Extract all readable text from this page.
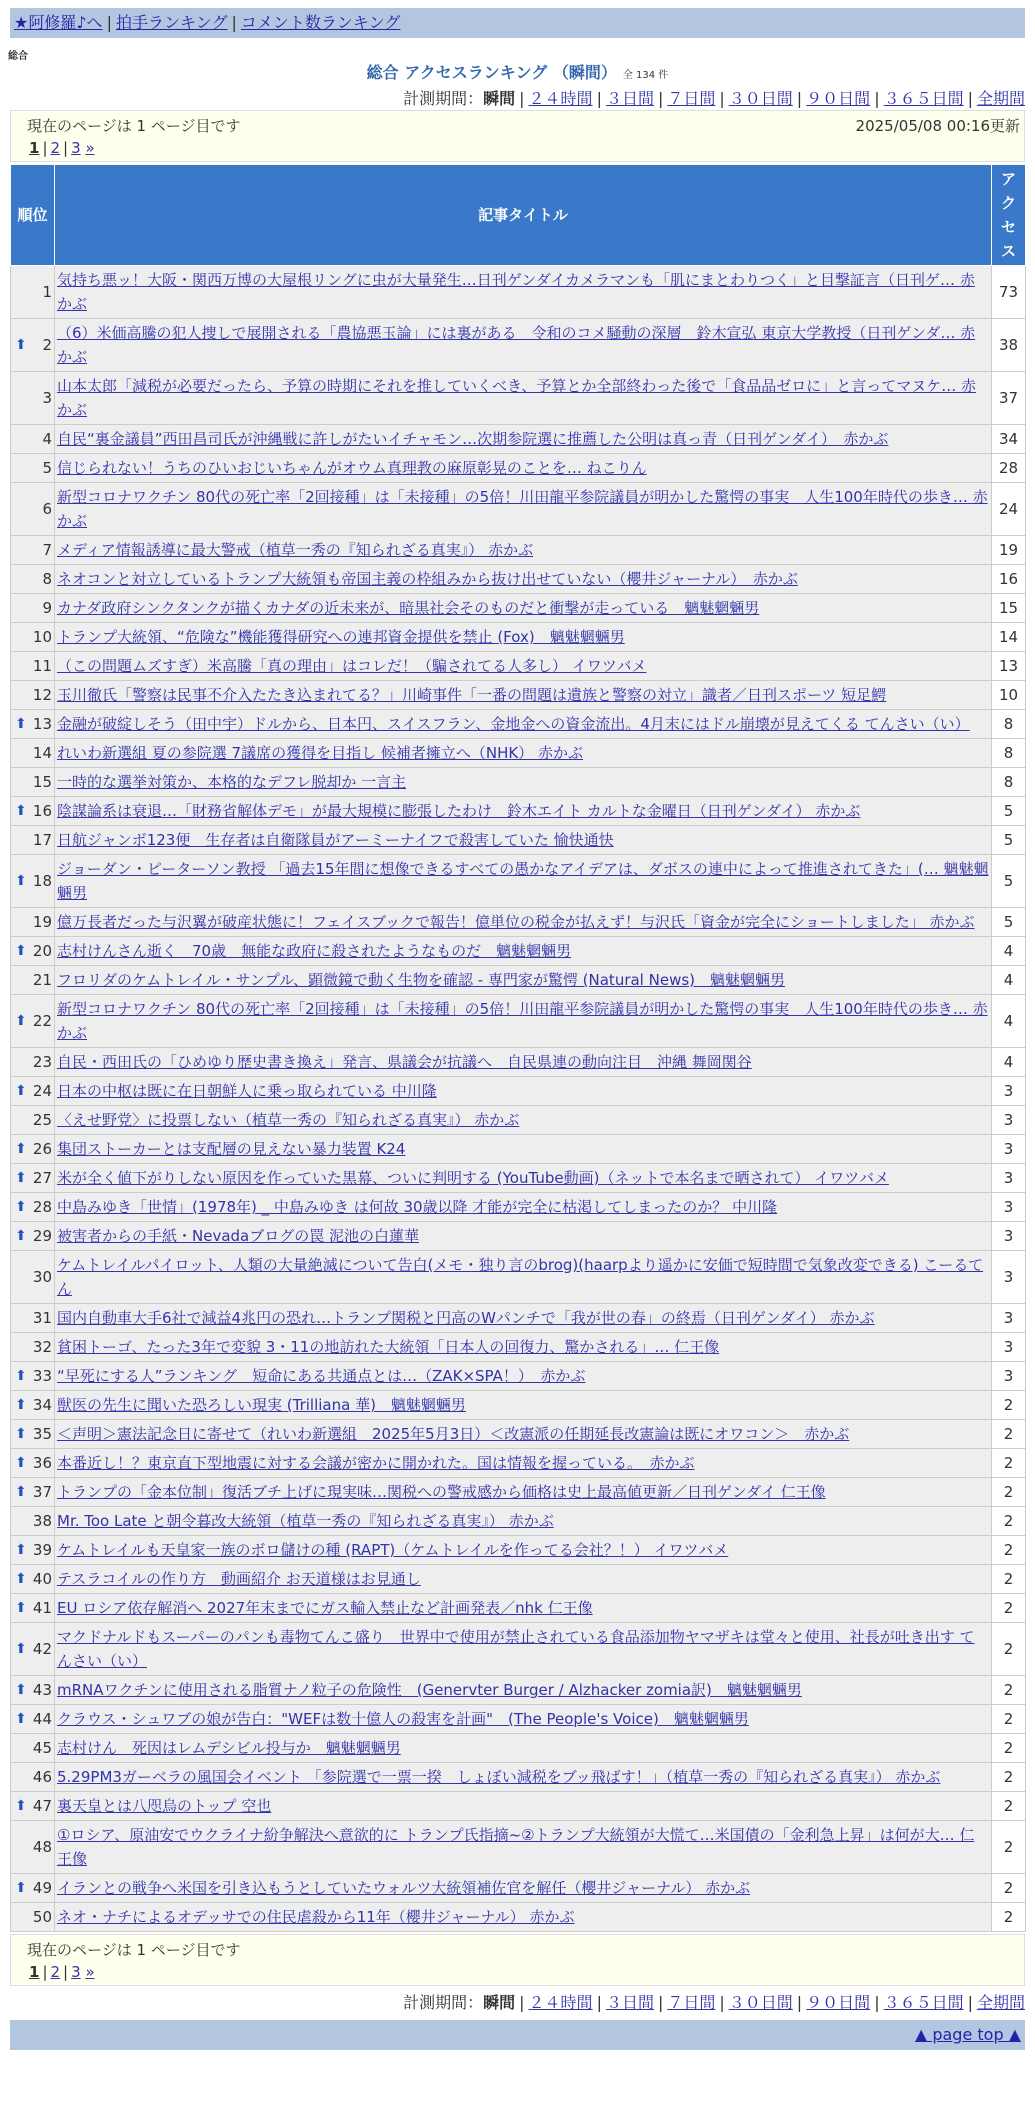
★阿修羅♪へ | 拍手ランキング | コメント数ランキング
総合
総合 アクセスランキング （瞬間） 全 134 件
計測期間：瞬間 | ２４時間 | ３日間 | ７日間 | ３０日間 | ９０日間 | ３６５日間 | 全期間
現在のページは 1 ページ目です	2025/05/08 00:16更新
1 | 2 | 3 »
順位	記事タイトル	アクセス
1	気持ち悪ッ！大阪・関西万博の大屋根リングに虫が大量発生…日刊ゲンダイカメラマンも「肌にまとわりつく」と目撃証言（日刊ゲ… 赤かぶ	73

⬆ 2	（6）米価高騰の犯人捜しで展開される「農協悪玉論」には裏がある　令和のコメ騒動の深層　鈴木宣弘 東京大学教授（日刊ゲンダ… 赤かぶ	38
3	山本太郎「減税が必要だったら、予算の時期にそれを推していくべき、予算とか全部終わった後で「食品品ゼロに」と言ってマヌケ… 赤かぶ	37
4	自民“裏金議員”西田昌司氏が沖縄戦に許しがたいイチャモン…次期参院選に推薦した公明は真っ青（日刊ゲンダイ）　赤かぶ	34
5	信じられない！うちのひいおじいちゃんがオウム真理教の麻原彰晃のことを… ねこりん	28
6	新型コロナワクチン 80代の死亡率「2回接種」は「未接種」の5倍！川田龍平参院議員が明かした驚愕の事実　人生100年時代の歩き… 赤かぶ	24
7	メディア情報誘導に最大警戒（植草一秀の『知られざる真実』） 赤かぶ	19
8	ネオコンと対立しているトランプ大統領も帝国主義の枠組みから抜け出せていない（櫻井ジャーナル）　赤かぶ	16
9	カナダ政府シンクタンクが描くカナダの近未来が、暗黒社会そのものだと衝撃が走っている　魑魅魍魎男	15
10	トランプ大統領、“危険な”機能獲得研究への連邦資金提供を禁止 (Fox)　魑魅魍魎男	14
11	（この問題ムズすぎ）米高騰「真の理由」はコレだ！（騙されてる人多し） イワツバメ	13
12	玉川徹氏「警察は民事不介入たたき込まれてる？」川崎事件「一番の問題は遺族と警察の対立」識者／日刊スポーツ 短足鰐	10

⬆ 13	金融が破綻しそう（田中宇）ドルから、日本円、スイスフラン、金地金への資金流出。4月末にはドル崩壊が見えてくる てんさい（い）	8
14	れいわ新選組 夏の参院選 7議席の獲得を目指し 候補者擁立へ（NHK） 赤かぶ	8
15	一時的な選挙対策か、本格的なデフレ脱却か 一言主	8

⬆ 16	陰謀論系は衰退…「財務省解体デモ」が最大規模に膨張したわけ　鈴木エイト カルトな金曜日（日刊ゲンダイ） 赤かぶ	5
17	日航ジャンボ123便　生存者は自衛隊員がアーミーナイフで殺害していた 愉快通快	5

⬆ 18	ジョーダン・ピーターソン教授 「過去15年間に想像できるすべての愚かなアイデアは、ダボスの連中によって推進されてきた」(… 魑魅魍魎男	5
19	億万長者だった与沢翼が破産状態に！フェイスブックで報告！億単位の税金が払えず！与沢氏「資金が完全にショートしました」 赤かぶ	5

⬆ 20	志村けんさん逝く　70歳　無能な政府に殺されたようなものだ　魑魅魍魎男	4
21	フロリダのケムトレイル・サンプル、顕微鏡で動く生物を確認 - 専門家が驚愕 (Natural News)　魑魅魍魎男	4

⬆ 22	新型コロナワクチン 80代の死亡率「2回接種」は「未接種」の5倍！川田龍平参院議員が明かした驚愕の事実　人生100年時代の歩き… 赤かぶ	4
23	自民・西田氏の「ひめゆり歴史書き換え」発言、県議会が抗議へ　自民県連の動向注目　沖縄 舞岡関谷	4

⬆ 24	日本の中枢は既に在日朝鮮人に乗っ取られている 中川隆	3
25	〈えせ野党〉に投票しない（植草一秀の『知られざる真実』） 赤かぶ	3

⬆ 26	集団ストーカーとは支配層の見えない暴力装置 K24	3

⬆ 27	米が全く値下がりしない原因を作っていた黒幕、ついに判明する (YouTube動画)（ネットで本名まで晒されて） イワツバメ	3

⬆ 28	中島みゆき「世情」(1978年) _ 中島みゆき は何故 30歳以降 才能が完全に枯渇してしまったのか？ 中川隆	3

⬆ 29	被害者からの手紙・Nevadaブログの罠 泥池の白蓮華	3
30	ケムトレイルパイロット、人類の大量絶滅について告白(メモ・独り言のbrog)(haarpより遥かに安価で短時間で気象改変できる) こーるてん	3
31	国内自動車大手6社で減益4兆円の恐れ…トランプ関税と円高のWパンチで「我が世の春」の終焉（日刊ゲンダイ） 赤かぶ	3
32	貧困トーゴ、たった3年で変貌 3・11の地訪れた大統領「日本人の回復力、驚かされる」… 仁王像	3

⬆ 33	“早死にする人”ランキング　短命にある共通点とは…（ZAK×SPA！）　赤かぶ	3

⬆ 34	獣医の先生に聞いた恐ろしい現実 (Trilliana 華)　魑魅魍魎男	2

⬆ 35	＜声明＞憲法記念日に寄せて（れいわ新選組　2025年5月3日）＜改憲派の任期延長改憲論は既にオワコン＞　赤かぶ	2

⬆ 36	本番近し！？東京直下型地震に対する会議が密かに開かれた。国は情報を握っている。　赤かぶ	2

⬆ 37	トランプの「金本位制」復活ブチ上げに現実味…関税への警戒感から価格は史上最高値更新／日刊ゲンダイ 仁王像	2
38	Mr. Too Late と朝令暮改大統領（植草一秀の『知られざる真実』） 赤かぶ	2

⬆ 39	ケムトレイルも天皇家一族のボロ儲けの種 (RAPT)（ケムトレイルを作ってる会社？！） イワツバメ	2

⬆ 40	テスラコイルの作り方　動画紹介 お天道様はお見通し	2

⬆ 41	EU ロシア依存解消へ 2027年末までにガス輸入禁止など計画発表／nhk 仁王像	2

⬆ 42	マクドナルドもスーパーのパンも毒物てんこ盛り　世界中で使用が禁止されている食品添加物ヤマザキは堂々と使用、社長が吐き出す てんさい（い）	2

⬆ 43	mRNAワクチンに使用される脂質ナノ粒子の危険性　(Genervter Burger / Alzhacker zomia訳)　魑魅魍魎男	2

⬆ 44	クラウス・シュワブの娘が告白："WEFは数十億人の殺害を計画"　(The People's Voice)　魑魅魍魎男	2
45	志村けん　死因はレムデシビル投与か　魑魅魍魎男	2
46	5.29PM3ガーベラの風国会イベント 「参院選で一票一揆　しょぼい減税をブッ飛ばす！」（植草一秀の『知られざる真実』） 赤かぶ	2

⬆ 47	裏天皇とは八咫烏のトップ 空也	2
48	①ロシア、原油安でウクライナ紛争解決へ意欲的に トランプ氏指摘~②トランプ大統領が大慌て…米国債の「金利急上昇」は何が大… 仁王像	2

⬆ 49	イランとの戦争へ米国を引き込もうとしていたウォルツ大統領補佐官を解任（櫻井ジャーナル） 赤かぶ	2
50	ネオ・ナチによるオデッサでの住民虐殺から11年（櫻井ジャーナル） 赤かぶ	2
現在のページは 1 ページ目です
1 | 2 | 3 »
計測期間：瞬間 | ２４時間 | ３日間 | ７日間 | ３０日間 | ９０日間 | ３６５日間 | 全期間
▲ page top ▲
